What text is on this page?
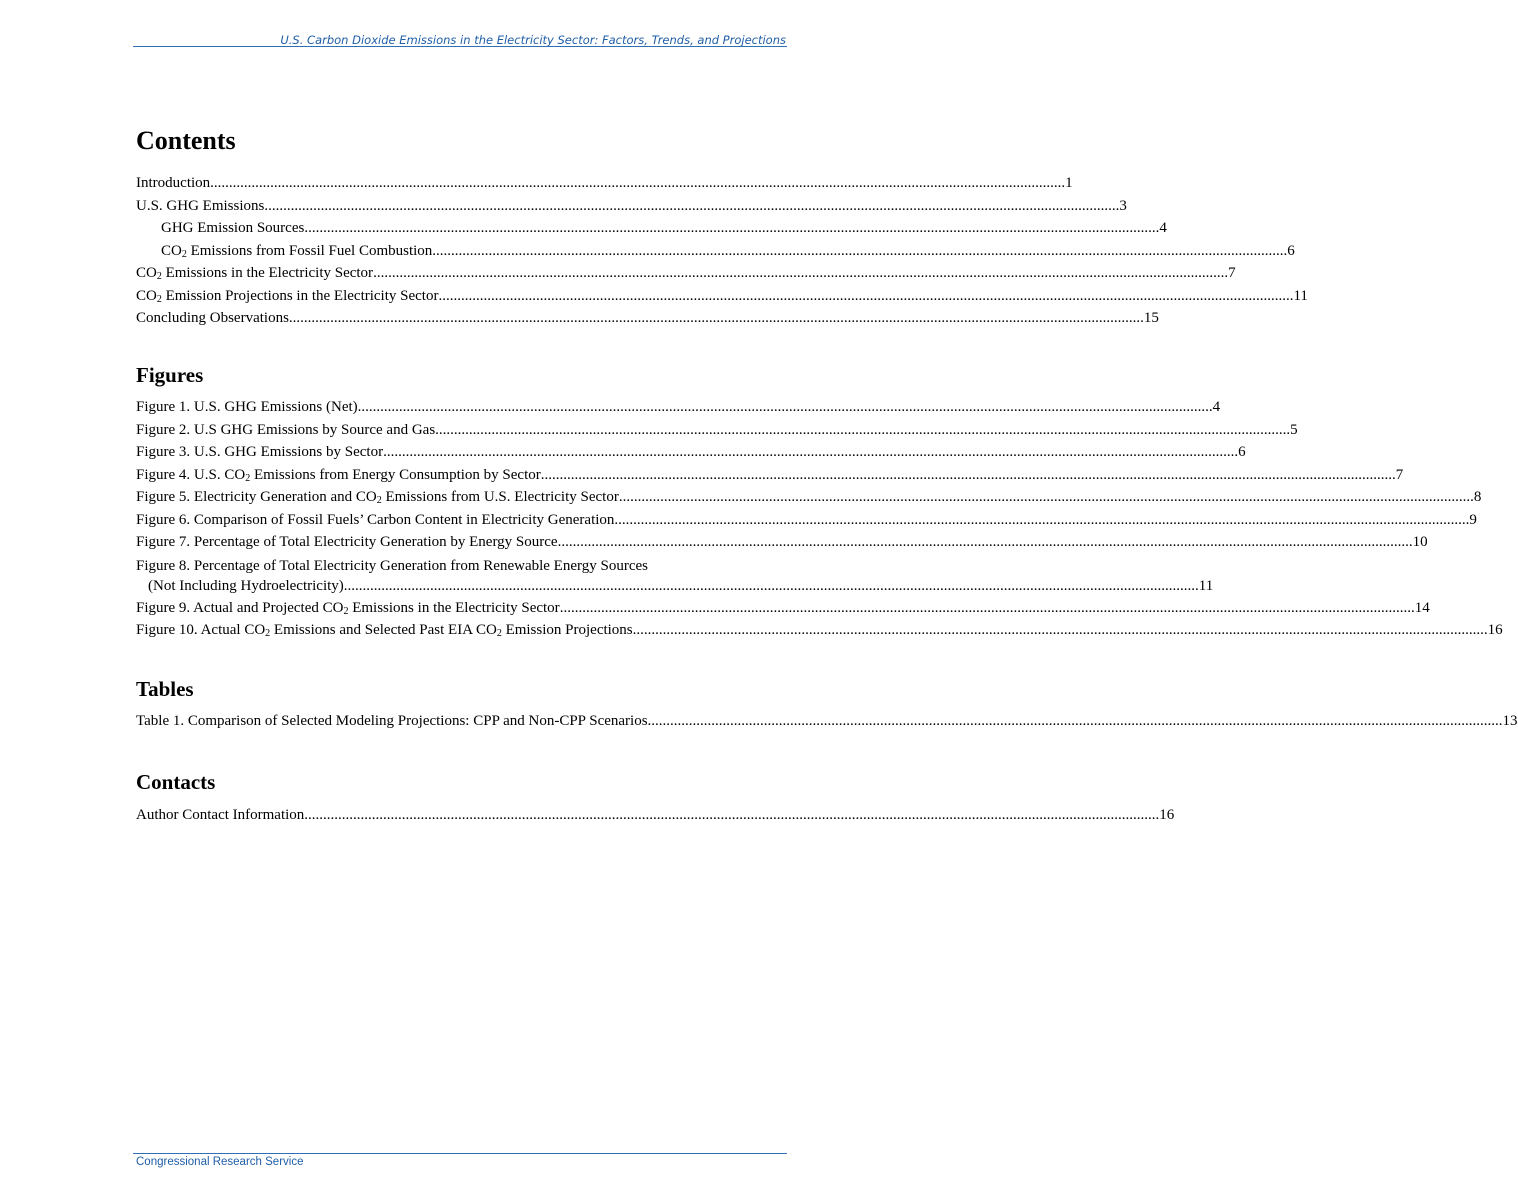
U.S. Carbon Dioxide Emissions in the Electricity Sector: Factors, Trends, and Projections
Contents
Introduction .....	1
U.S. GHG Emissions .....	3
GHG Emission Sources .....	4
$CO_2$ Emissions from Fossil Fuel Combustion .....	6
$CO_2$ Emissions in the Electricity Sector .....	7
$CO_2$ Emission Projections in the Electricity Sector .....	11
Concluding Observations .....	15
Figures
Figure 1. U.S. GHG Emissions (Net) .....	4
Figure 2. U.S GHG Emissions by Source and Gas .....	5
Figure 3. U.S. GHG Emissions by Sector .....	6
Figure 4. U.S. $CO_2$ Emissions from Energy Consumption by Sector .....	7
Figure 5. Electricity Generation and $CO_2$ Emissions from U.S. Electricity Sector .....	8
Figure 6. Comparison of Fossil Fuels’ Carbon Content in Electricity Generation .....	9
Figure 7. Percentage of Total Electricity Generation by Energy Source .....	10
Figure 8. Percentage of Total Electricity Generation from Renewable Energy Sources
(Not Including Hydroelectricity) .....	11
Figure 9. Actual and Projected $CO_2$ Emissions in the Electricity Sector .....	14
Figure 10. Actual $CO_2$ Emissions and Selected Past EIA $CO_2$ Emission Projections .....	16
Tables
Table 1. Comparison of Selected Modeling Projections: CPP and Non-CPP Scenarios .....	13
Contacts
Author Contact Information .....	16
Congressional Research Service
